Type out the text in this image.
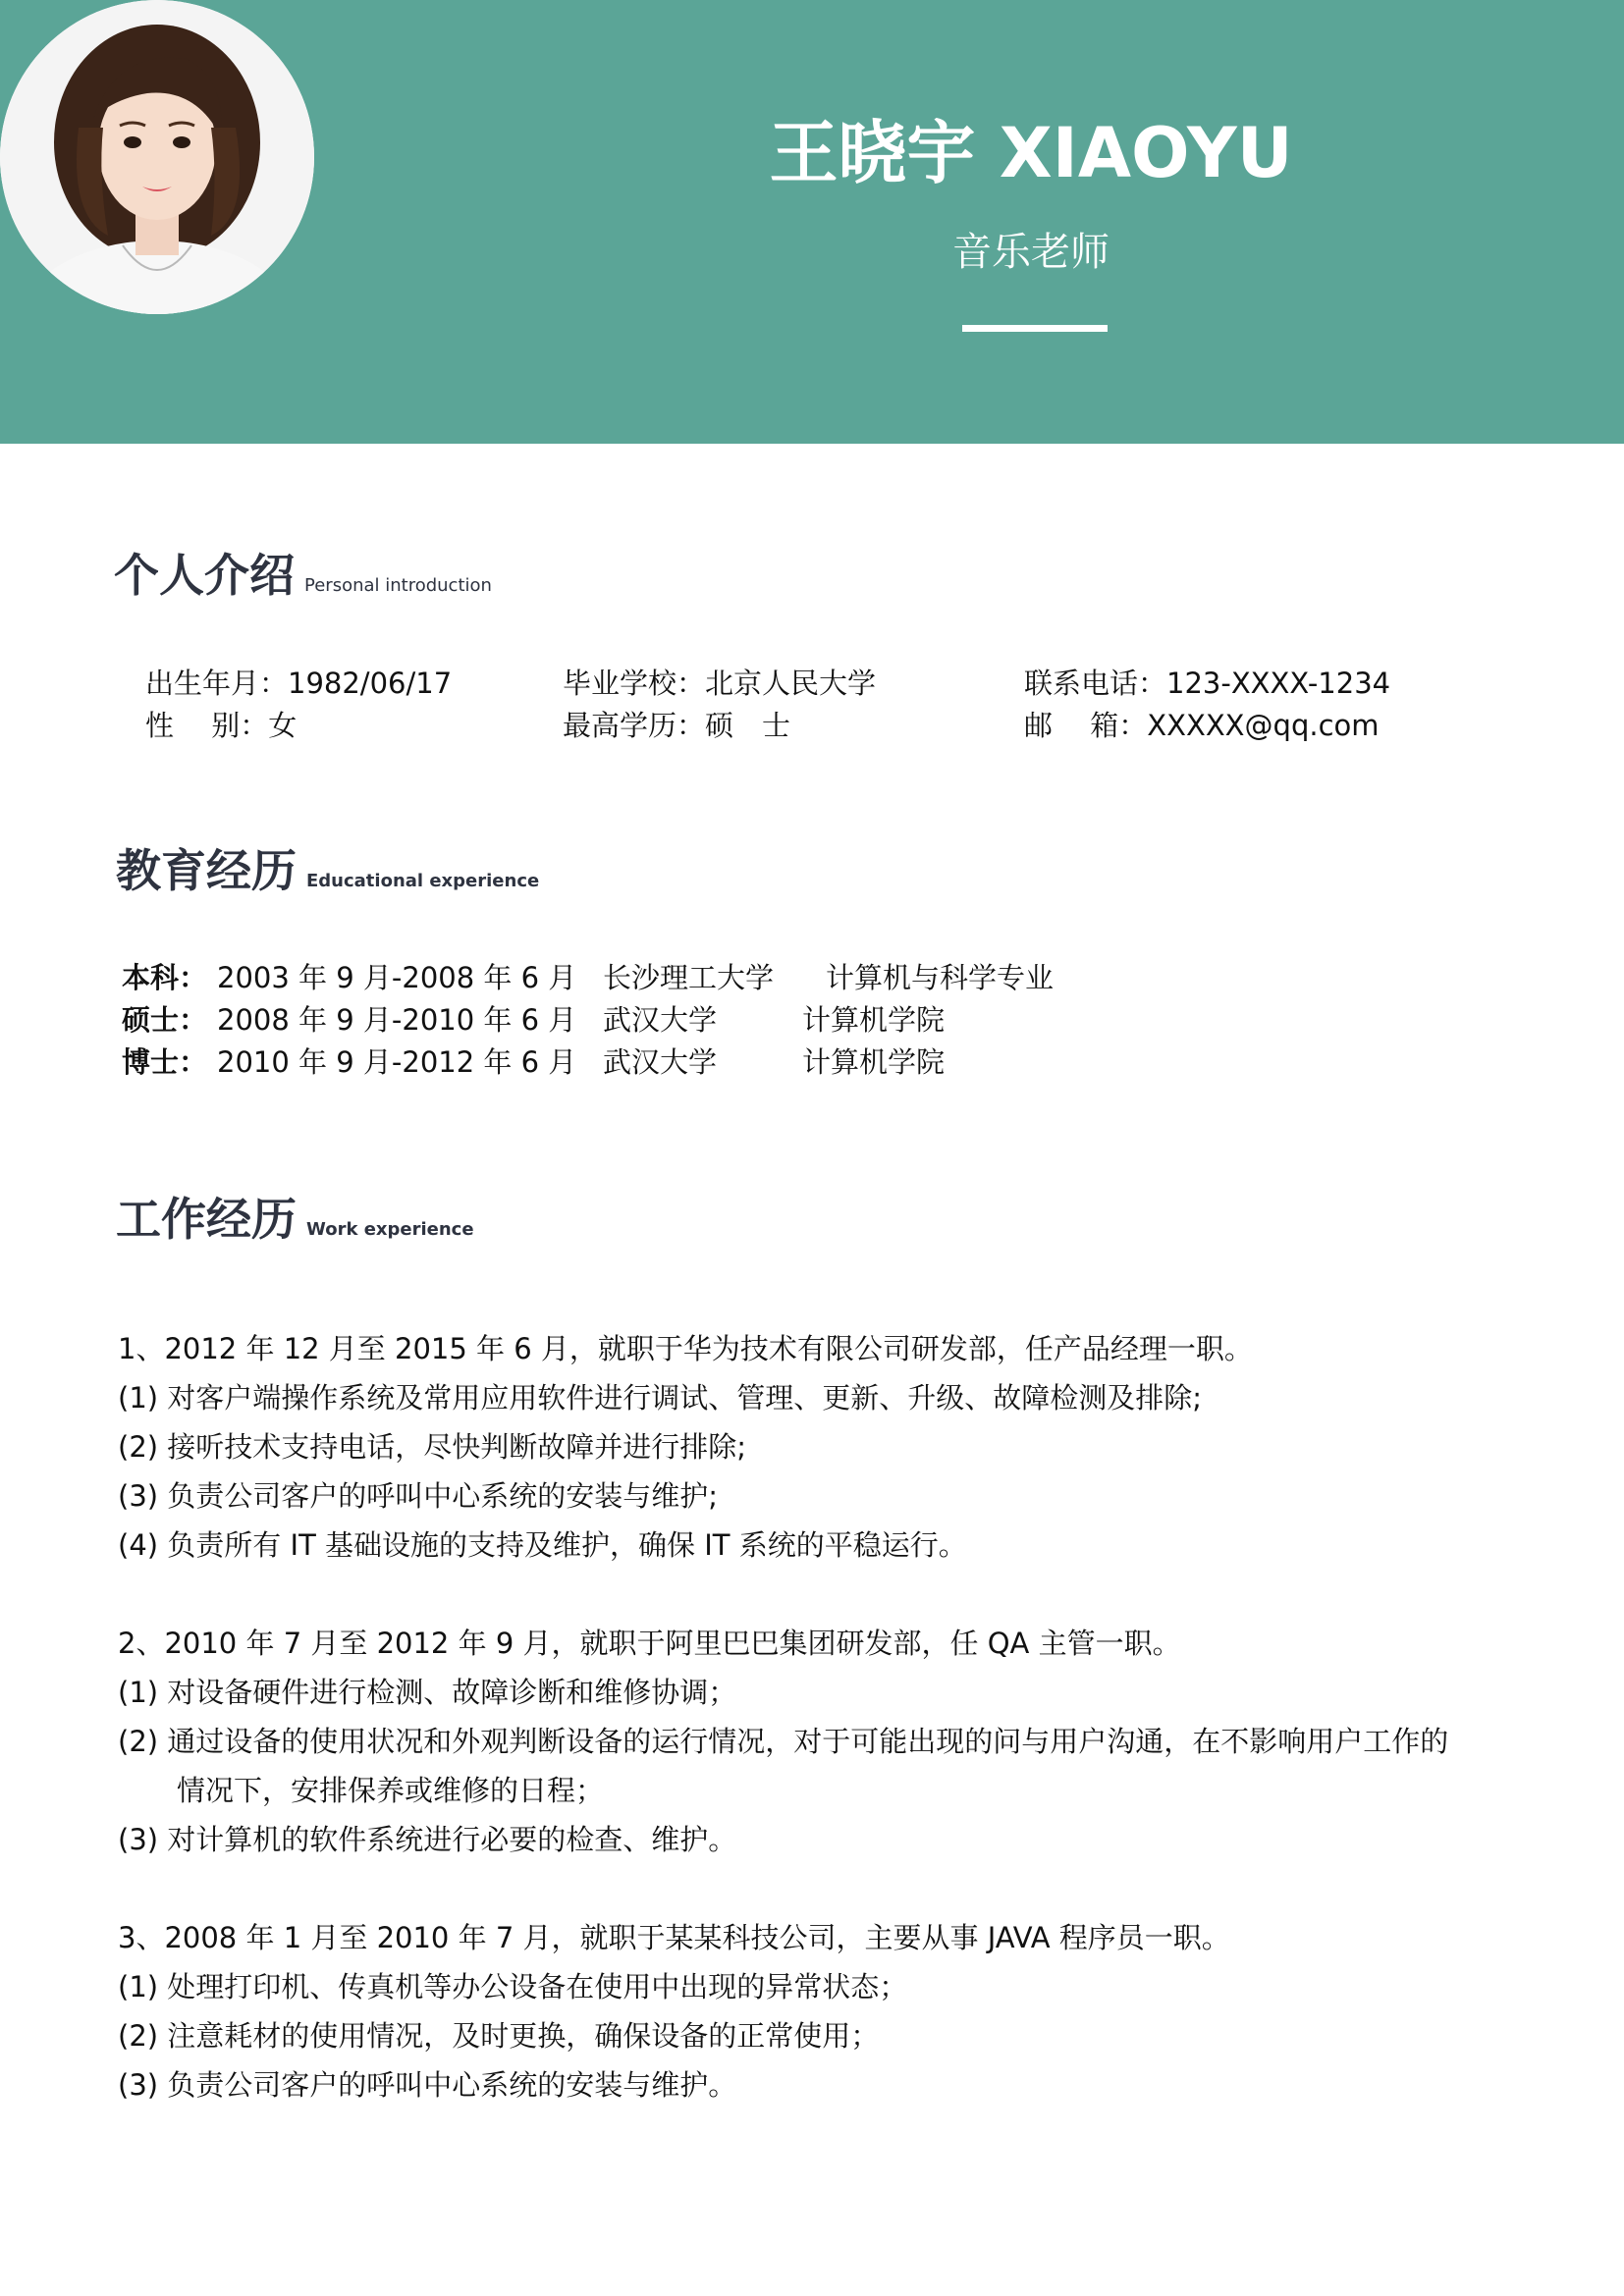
王晓宇 XIAOYU
音乐老师
个人介绍 Personal introduction
出生年月：1982/06/17
性　 别：女
毕业学校：北京人民大学
最高学历：硕　士
联系电话：123-XXXX-1234
邮　 箱：XXXXX@qq.com
教育经历 Educational experience
本科： 2003 年 9 月-2008 年 6 月 长沙理工大学 计算机与科学专业
硕士： 2008 年 9 月-2010 年 6 月 武汉大学	计算机学院
博士： 2010 年 9 月-2012 年 6 月 武汉大学	计算机学院
工作经历 Work experience
1、2012 年 12 月至 2015 年 6 月，就职于华为技术有限公司研发部，任产品经理一职。
(1) 对客户端操作系统及常用应用软件进行调试、管理、更新、升级、故障检测及排除;
(2) 接听技术支持电话，尽快判断故障并进行排除;
(3) 负责公司客户的呼叫中心系统的安装与维护;
(4) 负责所有 IT 基础设施的支持及维护，确保 IT 系统的平稳运行。
2、2010 年 7 月至 2012 年 9 月，就职于阿里巴巴集团研发部，任 QA 主管一职。
(1) 对设备硬件进行检测、故障诊断和维修协调；
(2) 通过设备的使用状况和外观判断设备的运行情况，对于可能出现的问与用户沟通，在不影响用户工作的
情况下，安排保养或维修的日程；
(3) 对计算机的软件系统进行必要的检查、维护。
3、2008 年 1 月至 2010 年 7 月，就职于某某科技公司，主要从事 JAVA 程序员一职。
(1) 处理打印机、传真机等办公设备在使用中出现的异常状态；
(2) 注意耗材的使用情况，及时更换，确保设备的正常使用；
(3) 负责公司客户的呼叫中心系统的安装与维护。
